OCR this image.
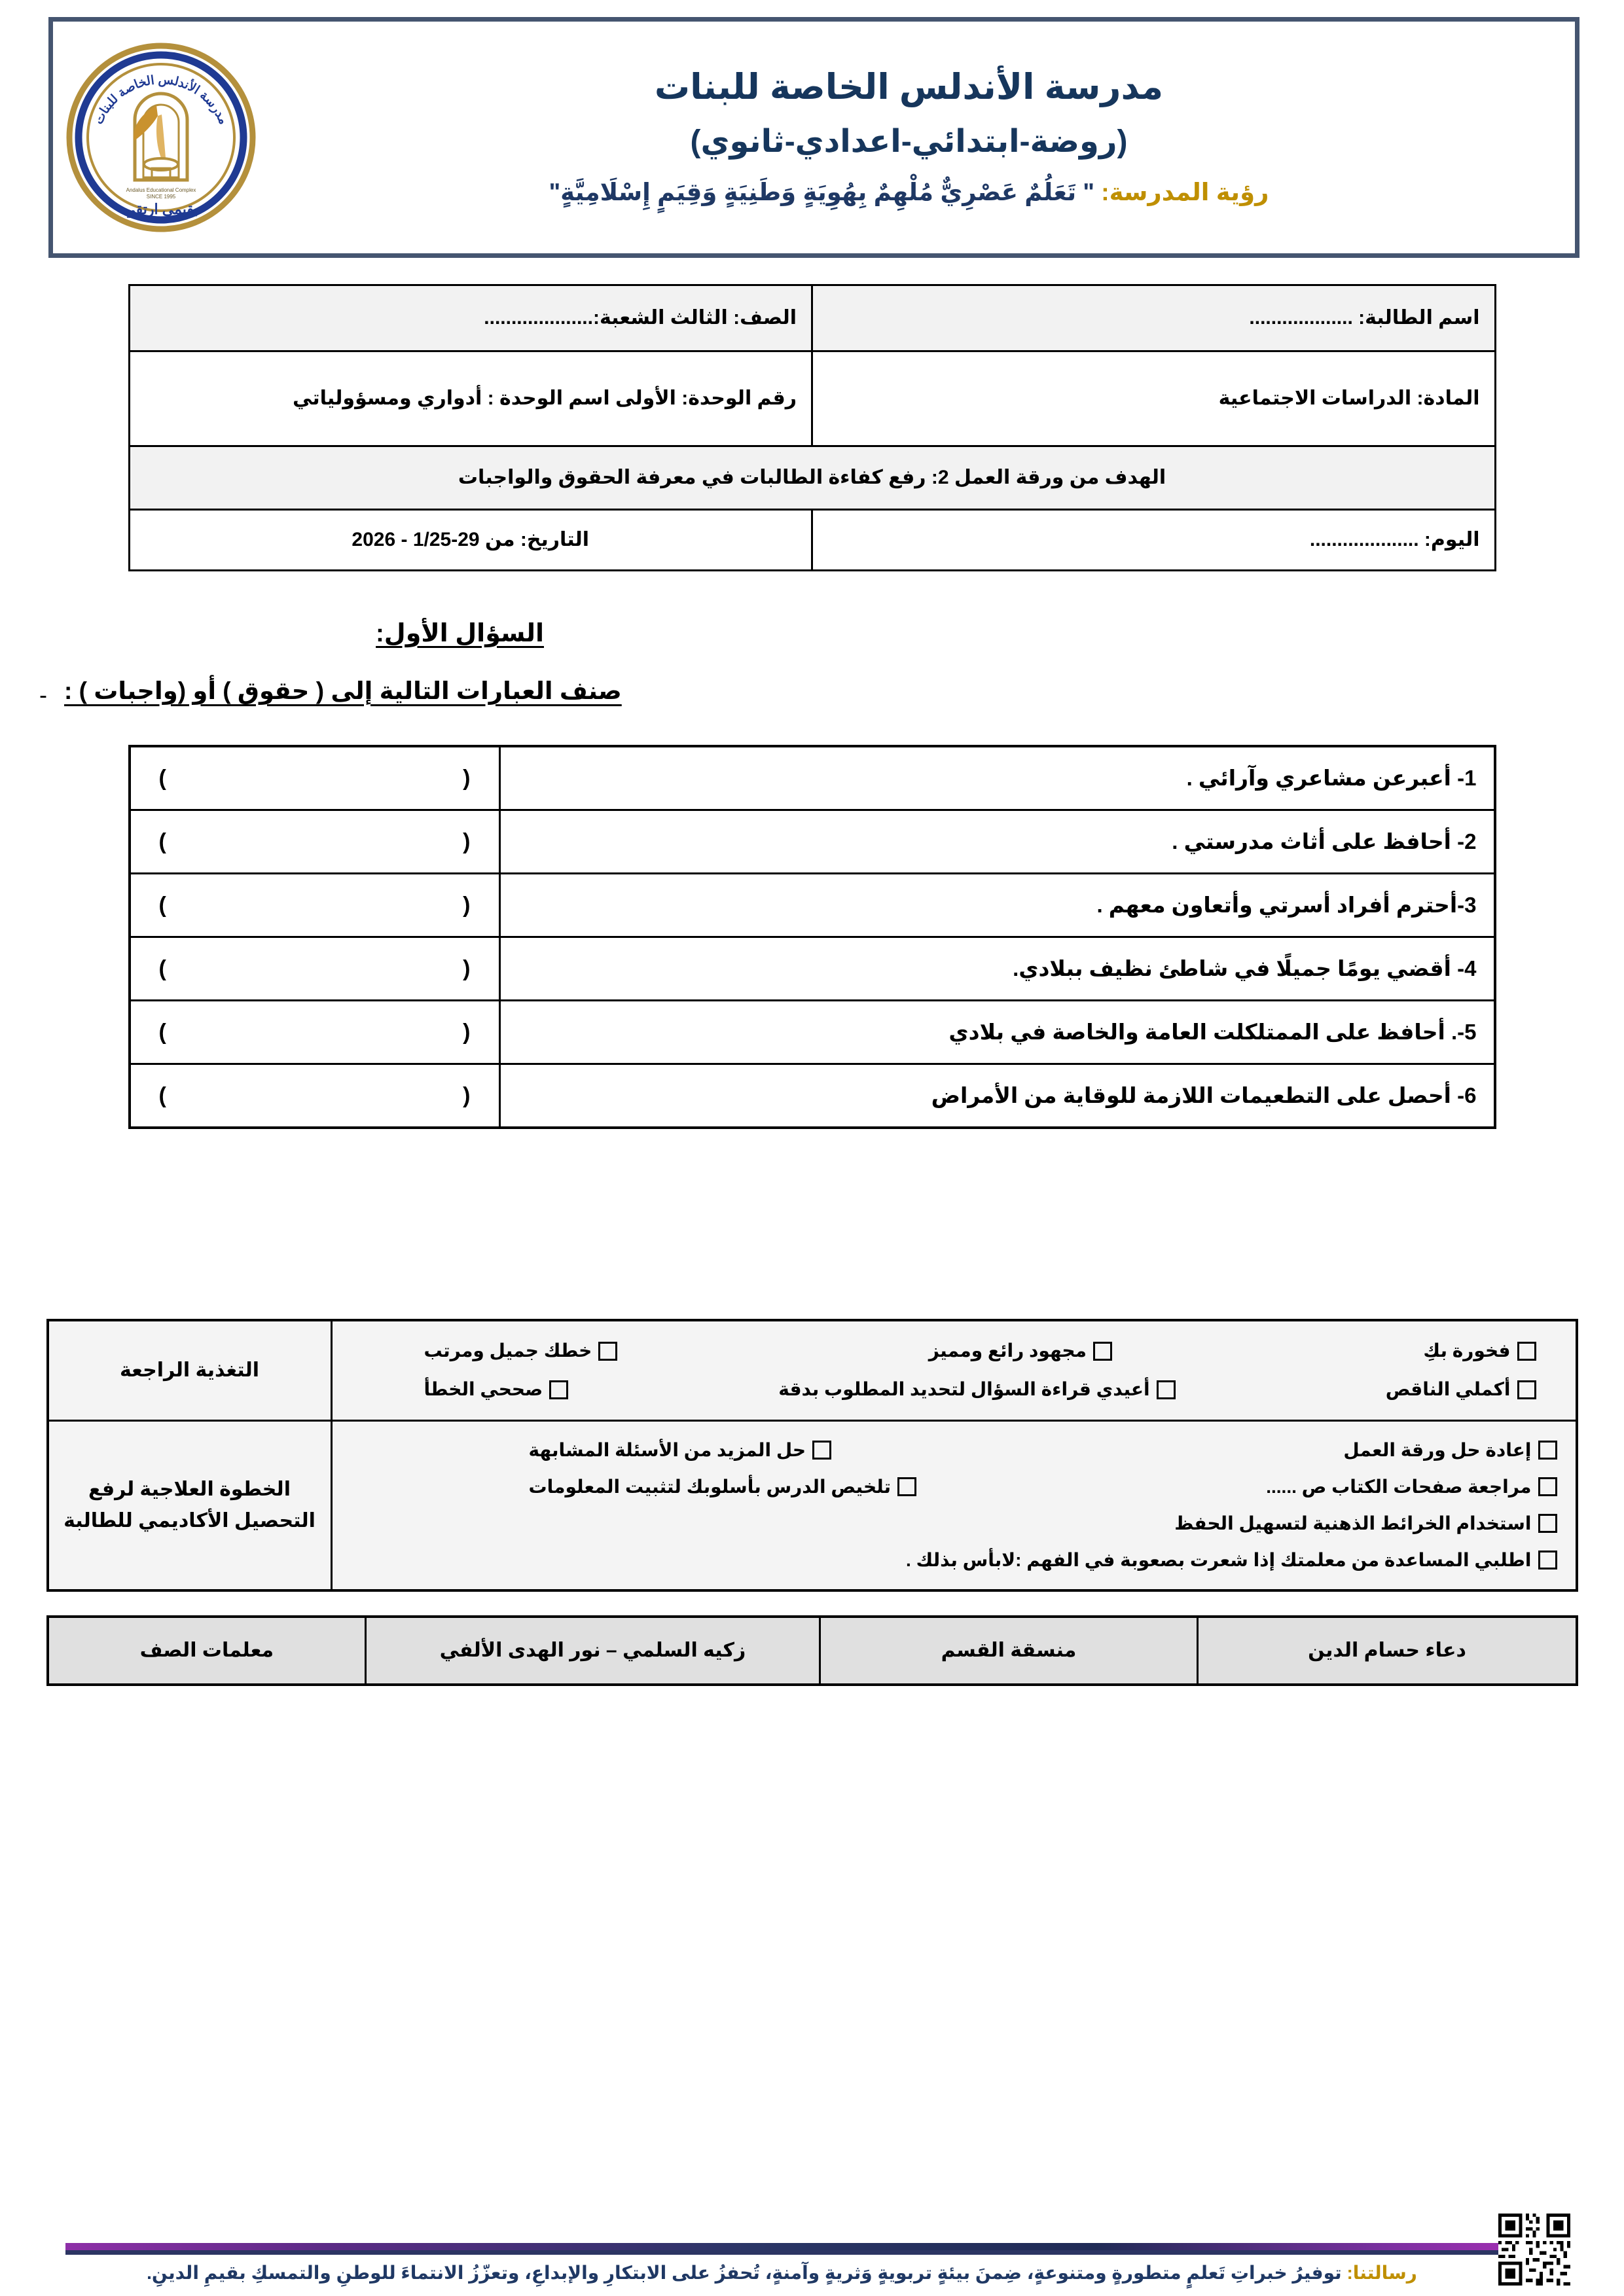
مدرسة الأندلس الخاصة للبنات
(روضة-ابتدائي-اعدادي-ثانوي)
رؤية المدرسة: " تَعَلُمٌ عَصْرِيٌّ مُلْهِمٌ بِهُوِيَةٍ وَطَنِيَةٍ وَقِيَمٍ إِسْلَامِيَّةٍ"
مدرسة الأندلس الخاصة للبنات
Andalus Educational Complex
SINCE 1995
بقيمي ارتقي
اسم الطالبة: ...................	الصف: الثالث الشعبة:....................
المادة: الدراسات الاجتماعية	رقم الوحدة: الأولى اسم الوحدة : أدواري ومسؤولياتي
الهدف من ورقة العمل 2: رفع كفاءة الطالبات في معرفة الحقوق والواجبات	
اليوم: ....................	التاريخ: من 29-1/25 - 2026
السؤال الأول:
- صنف العبارات التالية إلى ( حقوق ) أو (واجبات ) :
1- أعبرعن مشاعري وآرائي .	(
)

2- أحافظ على أثاث مدرستي .	(
)

3-أحترم أفراد أسرتي وأتعاون معهم .	(
)

4- أقضي يومًا جميلًا في شاطئ نظيف ببلادي.	(
)

5-. أحافظ على الممتلكلت العامة والخاصة في بلادي	(
)

6- أحصل على التطعيمات اللازمة للوقاية من الأمراض	(
)
فخورة بكِ
مجهود رائع ومميز
خطك جميل ومرتب
أكملي الناقص
أعيدي قراءة السؤال لتحديد المطلوب بدقة
صححي الخطأ
	التغذية الراجعة

إعادة حل ورقة العمل
حل المزيد من الأسئلة المشابهة
مراجعة صفحات الكتاب ص ......
تلخيص الدرس بأسلوبك لتثبيت المعلومات
استخدام الخرائط الذهنية لتسهيل الحفظ
اطلبي المساعدة من معلمتك إذا شعرت بصعوبة في الفهم :لابأس بذلك .
	الخطوة العلاجية لرفع التحصيل الأكاديمي للطالبة
دعاء حسام الدين	منسقة القسم	زكيه السلمي – نور الهدى الألفي	معلمات الصف
رسالتنا: توفيرُ خبراتِ تَعلمٍ متطورةٍ ومتنوعةٍ، ضِمنَ بيئةٍ تربويةٍ وَثريةٍ وآمنةٍ، تُحفزُ على الابتكارِ والإبداعِ، وتعزّزُ الانتماءَ للوطنِ والتمسكِ بقيمِ الدينِ.
